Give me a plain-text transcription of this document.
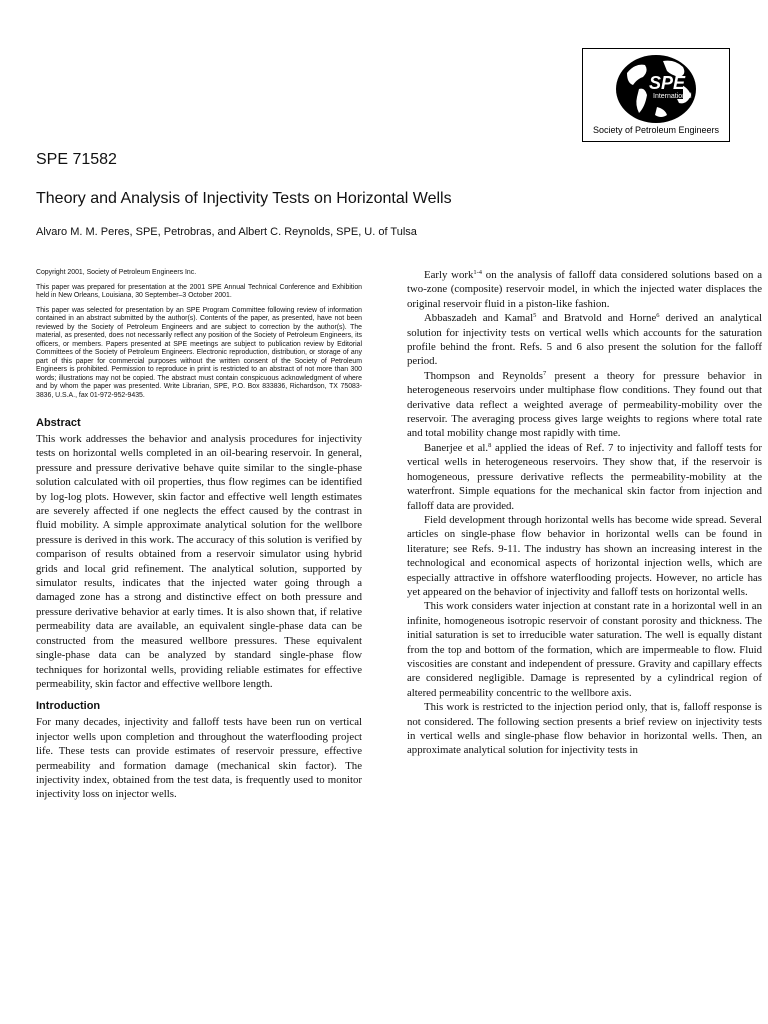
SPE
International
Society of Petroleum Engineers
SPE 71582
Theory and Analysis of Injectivity Tests on Horizontal Wells
Alvaro M. M. Peres, SPE, Petrobras, and Albert C. Reynolds, SPE, U. of Tulsa

Copyright 2001, Society of Petroleum Engineers Inc.

This paper was prepared for presentation at the 2001 SPE Annual Technical Conference and Exhibition held in New Orleans, Louisiana, 30 September–3 October 2001.

This paper was selected for presentation by an SPE Program Committee following review of information contained in an abstract submitted by the author(s). Contents of the paper, as presented, have not been reviewed by the Society of Petroleum Engineers and are subject to correction by the author(s). The material, as presented, does not necessarily reflect any position of the Society of Petroleum Engineers, its officers, or members. Papers presented at SPE meetings are subject to publication review by Editorial Committees of the Society of Petroleum Engineers. Electronic reproduction, distribution, or storage of any part of this paper for commercial purposes without the written consent of the Society of Petroleum Engineers is prohibited. Permission to reproduce in print is restricted to an abstract of not more than 300 words; illustrations may not be copied. The abstract must contain conspicuous acknowledgment of where and by whom the paper was presented. Write Librarian, SPE, P.O. Box 833836, Richardson, TX 75083-3836, U.S.A., fax 01-972-952-9435.

Abstract

This work addresses the behavior and analysis procedures for injectivity tests on horizontal wells completed in an oil-bearing reservoir. In general, pressure and pressure derivative behave quite similar to the single-phase solution calculated with oil properties, thus flow regimes can be identified by log-log plots. However, skin factor and effective well length estimates are severely affected if one neglects the effect caused by the contrast in fluid mobility. A simple approximate analytical solution for the wellbore pressure is derived in this work. The accuracy of this solution is verified by comparison of results obtained from a reservoir simulator using hybrid grids and local grid refinement. The analytical solution, supported by simulator results, indicates that the injected water going through a damaged zone has a strong and distinctive effect on both pressure and pressure derivative behavior at early times. It is also shown that, if relative permeability data are available, an equivalent single-phase data can be constructed from the measured wellbore pressures. These equivalent single-phase data can be analyzed by standard single-phase flow techniques for horizontal wells, providing reliable estimates for effective permeability, skin factor and effective wellbore length.

Introduction

For many decades, injectivity and falloff tests have been run on vertical injector wells upon completion and throughout the waterflooding project life. These tests can provide estimates of reservoir pressure, effective permeability and formation damage (mechanical skin factor). The injectivity index, obtained from the test data, is frequently used to monitor injectivity loss on injector wells.

Early work$^{1-4}$ on the analysis of falloff data considered solutions based on a two-zone (composite) reservoir model, in which the injected water displaces the original reservoir fluid in a piston-like fashion.

Abbaszadeh and Kamal$^5$ and Bratvold and Horne$^6$ derived an analytical solution for injectivity tests on vertical wells which accounts for the saturation profile behind the front. Refs. 5 and 6 also present the solution for the falloff period.

Thompson and Reynolds$^7$ present a theory for pressure behavior in heterogeneous reservoirs under multiphase flow conditions. They found out that derivative data reflect a weighted average of permeability-mobility over the reservoir. The averaging process gives large weights to regions where total rate and total mobility change most rapidly with time.

Banerjee et al.$^8$ applied the ideas of Ref. 7 to injectivity and falloff tests for vertical wells in heterogeneous reservoirs. They show that, if the reservoir is homogeneous, pressure derivative reflects the permeability-mobility at the waterfront. Simple equations for the mechanical skin factor from injection and falloff data are provided.

Field development through horizontal wells has become wide spread. Several articles on single-phase flow behavior in horizontal wells can be found in literature; see Refs. 9-11. The industry has shown an increasing interest in the technological and economical aspects of horizontal injection wells, which are especially attractive in offshore waterflooding projects. However, no article has yet appeared on the behavior of injectivity and falloff tests on horizontal wells.

This work considers water injection at constant rate in a horizontal well in an infinite, homogeneous isotropic reservoir of constant porosity and thickness. The initial saturation is set to irreducible water saturation. The well is equally distant from the top and bottom of the formation, which are impermeable to flow. Fluid viscosities are constant and independent of pressure. Gravity and capillary effects are considered negligible. Damage is represented by a cylindrical region of altered permeability concentric to the wellbore axis.

This work is restricted to the injection period only, that is, falloff response is not considered. The following section presents a brief review on injectivity tests in vertical wells and single-phase flow behavior in horizontal wells. Then, an approximate analytical solution for injectivity tests in
